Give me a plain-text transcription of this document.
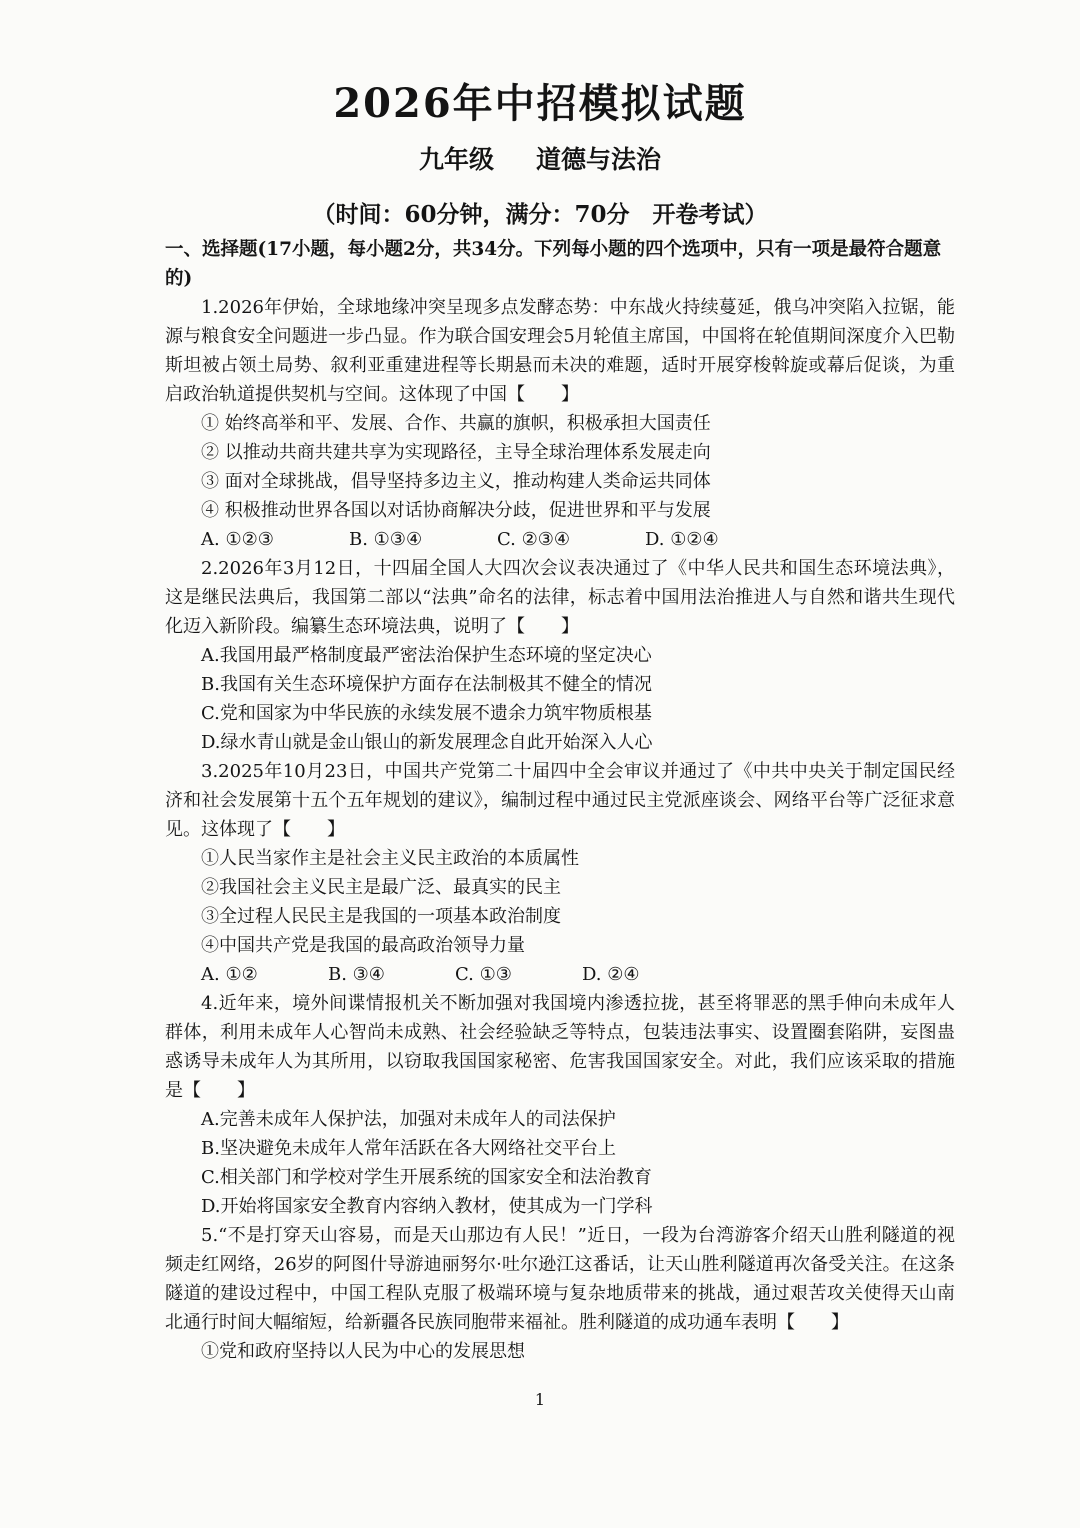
2026年中招模拟试题
九年级 道德与法治
（时间：60分钟，满分：70分　开卷考试）

一、选择题(17小题，每小题2分，共34分。下列每小题的四个选项中，只有一项是最符合题意的)

1.2026年伊始，全球地缘冲突呈现多点发酵态势：中东战火持续蔓延，俄乌冲突陷入拉锯，能源与粮食安全问题进一步凸显。作为联合国安理会5月轮值主席国，中国将在轮值期间深度介入巴勒斯坦被占领土局势、叙利亚重建进程等长期悬而未决的难题，适时开展穿梭斡旋或幕后促谈，为重启政治轨道提供契机与空间。这体现了中国【　　】

① 始终高举和平、发展、合作、共赢的旗帜，积极承担大国责任

② 以推动共商共建共享为实现路径，主导全球治理体系发展走向

③ 面对全球挑战，倡导坚持多边主义，推动构建人类命运共同体

④ 积极推动世界各国以对话协商解决分歧，促进世界和平与发展

A. ①②③	B. ①③④	C. ②③④	D. ①②④

2.2026年3月12日，十四届全国人大四次会议表决通过了《中华人民共和国生态环境法典》，这是继民法典后，我国第二部以“法典”命名的法律，标志着中国用法治推进人与自然和谐共生现代化迈入新阶段。编纂生态环境法典，说明了【　　】

A.我国用最严格制度最严密法治保护生态环境的坚定决心

B.我国有关生态环境保护方面存在法制极其不健全的情况

C.党和国家为中华民族的永续发展不遗余力筑牢物质根基

D.绿水青山就是金山银山的新发展理念自此开始深入人心

3.2025年10月23日，中国共产党第二十届四中全会审议并通过了《中共中央关于制定国民经济和社会发展第十五个五年规划的建议》，编制过程中通过民主党派座谈会、网络平台等广泛征求意见。这体现了【　　】

①人民当家作主是社会主义民主政治的本质属性

②我国社会主义民主是最广泛、最真实的民主

③全过程人民民主是我国的一项基本政治制度

④中国共产党是我国的最高政治领导力量

A. ①②	B. ③④	C. ①③	D. ②④

4.近年来，境外间谍情报机关不断加强对我国境内渗透拉拢，甚至将罪恶的黑手伸向未成年人群体，利用未成年人心智尚未成熟、社会经验缺乏等特点，包装违法事实、设置圈套陷阱，妄图蛊惑诱导未成年人为其所用，以窃取我国国家秘密、危害我国国家安全。对此，我们应该采取的措施是【　　】

A.完善未成年人保护法，加强对未成年人的司法保护

B.坚决避免未成年人常年活跃在各大网络社交平台上

C.相关部门和学校对学生开展系统的国家安全和法治教育

D.开始将国家安全教育内容纳入教材，使其成为一门学科

5.“不是打穿天山容易，而是天山那边有人民！”近日，一段为台湾游客介绍天山胜利隧道的视频走红网络，26岁的阿图什导游迪丽努尔·吐尔逊江这番话，让天山胜利隧道再次备受关注。在这条隧道的建设过程中，中国工程队克服了极端环境与复杂地质带来的挑战，通过艰苦攻关使得天山南北通行时间大幅缩短，给新疆各民族同胞带来福祉。胜利隧道的成功通车表明【　　】

①党和政府坚持以人民为中心的发展思想

1
